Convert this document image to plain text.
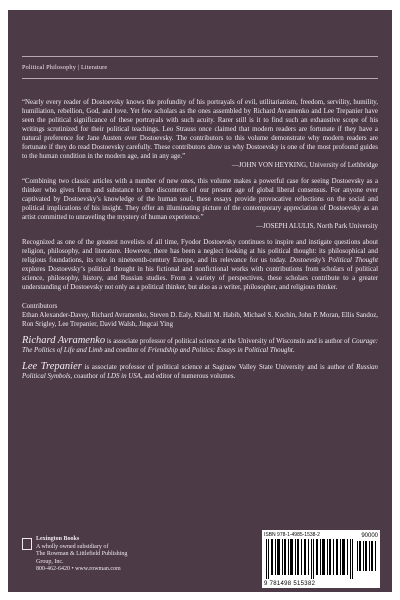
Political Philosophy | Literature

“Nearly every reader of Dostoevsky knows the profundity of his portrayals of evil, utilitarianism, freedom, servility, humility, humiliation, rebellion, God, and love. Yet few scholars as the ones assembled by Richard Avramenko and Lee Trepanier have seen the political significance of these portrayals with such acuity. Rarer still is it to find such an exhaustive scope of his writings scrutinized for their political teachings. Leo Strauss once claimed that modern readers are fortunate if they have a natural preference for Jane Austen over Dostoevsky. The contributors to this volume demonstrate why modern readers are fortunate if they do read Dostoevsky carefully. These contributors show us why Dostoevsky is one of the most profound guides to the human condition in the modern age, and in any age.”
—JOHN VON HEYKING, University of Lethbridge

“Combining two classic articles with a number of new ones, this volume makes a powerful case for seeing Dostoevsky as a thinker who gives form and substance to the discontents of our present age of global liberal consensus. For anyone ever captivated by Dostoevsky’s knowledge of the human soul, these essays provide provocative reflections on the social and political implications of his insight. They offer an illuminating picture of the contemporary appreciation of Dostoevsky as an artist committed to unraveling the mystery of human experience.”
—JOSEPH ALULIS, North Park University

Recognized as one of the greatest novelists of all time, Fyodor Dostoevsky continues to inspire and instigate questions about religion, philosophy, and literature. However, there has been a neglect looking at his political thought: its philosophical and religious foundations, its role in nineteenth-century Europe, and its relevance for us today. Dostoevsky’s Political Thought explores Dostoevsky’s political thought in his fictional and nonfictional works with contributions from scholars of political science, philosophy, history, and Russian studies. From a variety of perspectives, these scholars contribute to a greater understanding of Dostoevsky not only as a political thinker, but also as a writer, philosopher, and religious thinker.

Contributors

Ethan Alexander-Davey, Richard Avramenko, Steven D. Ealy, Khalil M. Habib, Michael S. Kochin, John P. Moran, Ellis Sandoz, Ron Srigley, Lee Trepanier, David Walsh, Jingcai Ying

Richard Avramenko is associate professor of political science at the University of Wisconsin and is author of Courage: The Politics of Life and Limb and coeditor of Friendship and Politics: Essays in Political Thought.

Lee Trepanier is associate professor of political science at Saginaw Valley State University and is author of Russian Political Symbols, coauthor of LDS in USA, and editor of numerous volumes.

Lexington Books
A wholly owned subsidiary of
The Rowman & Littlefield Publishing Group, Inc.
800-462-6420 • www.rowman.com
ISBN 978-1-4985-1538-2	90000
9 781498 515382
